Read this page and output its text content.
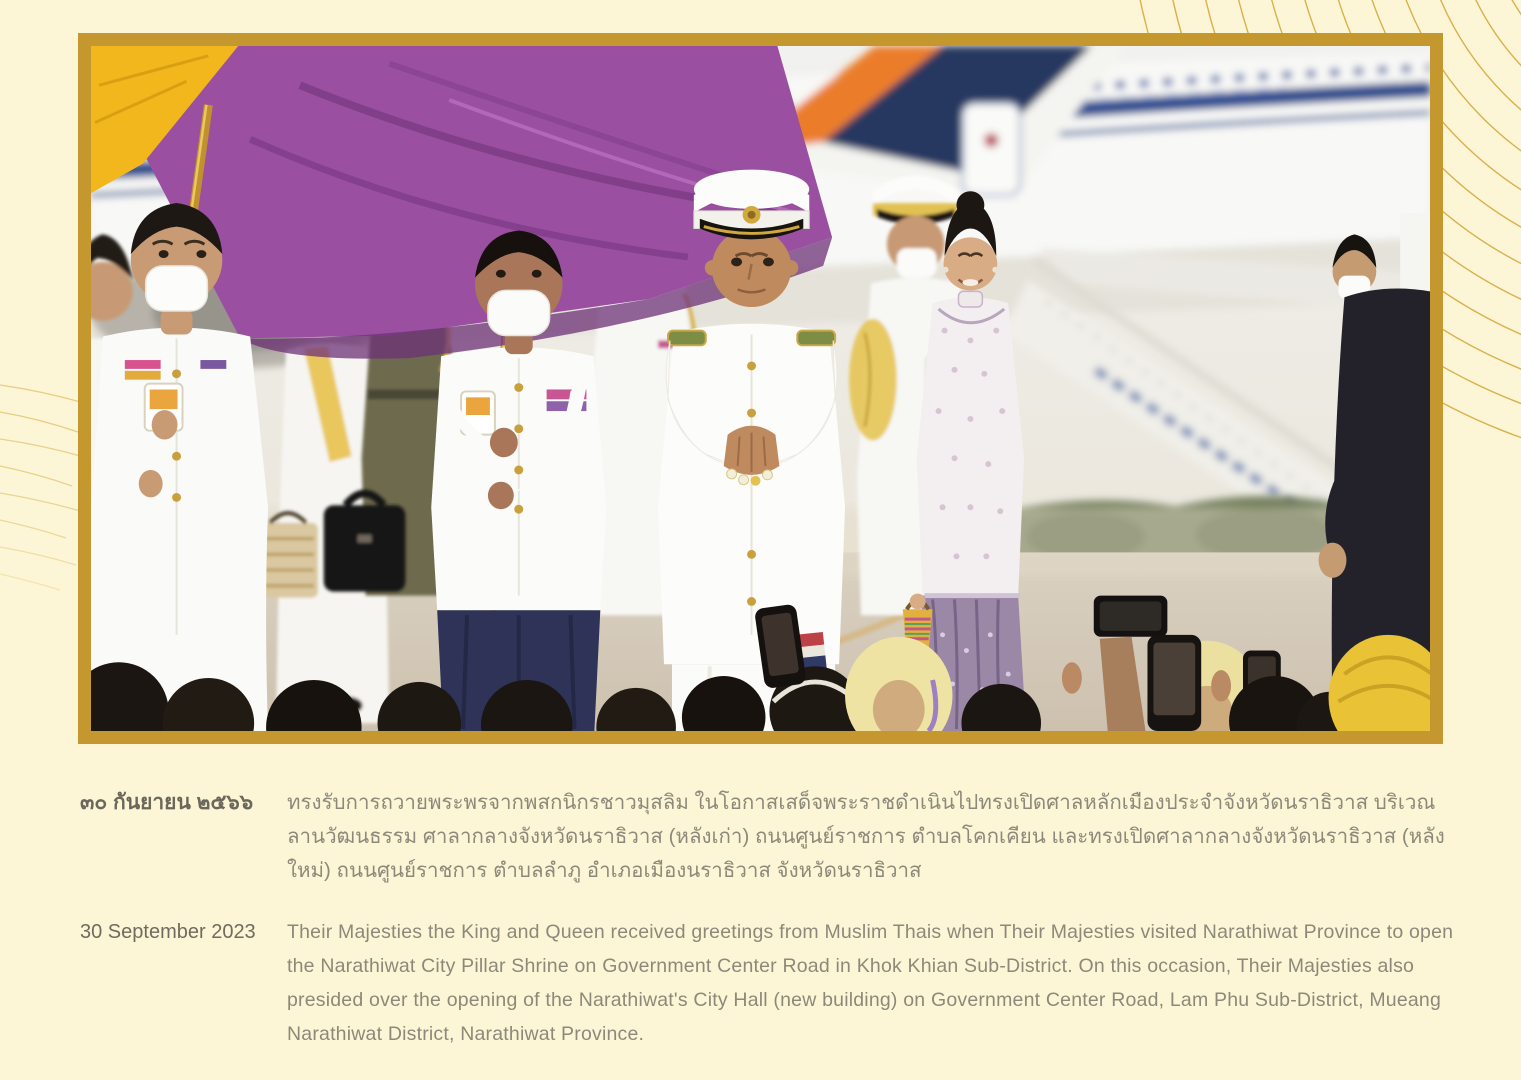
๓๐ กันยายน ๒๕๖๖	ทรงรับการถวายพระพรจากพสกนิกรชาวมุสลิม ในโอกาสเสด็จพระราชดำเนินไปทรงเปิดศาลหลักเมืองประจำจังหวัดนราธิวาส บริเวณลานวัฒนธรรม ศาลากลางจังหวัดนราธิวาส (หลังเก่า) ถนนศูนย์ราชการ ตำบลโคกเคียน และทรงเปิดศาลากลางจังหวัดนราธิวาส (หลังใหม่) ถนนศูนย์ราชการ ตำบลลำภู อำเภอเมืองนราธิวาส จังหวัดนราธิวาส

30 September 2023	Their Majesties the King and Queen received greetings from Muslim Thais when Their Majesties visited Narathiwat Province to open the Narathiwat City Pillar Shrine on Government Center Road in Khok Khian Sub-District. On this occasion, Their Majesties also presided over the opening of the Narathiwat's City Hall (new building) on Government Center Road, Lam Phu Sub-District, Mueang Narathiwat District, Narathiwat Province.
